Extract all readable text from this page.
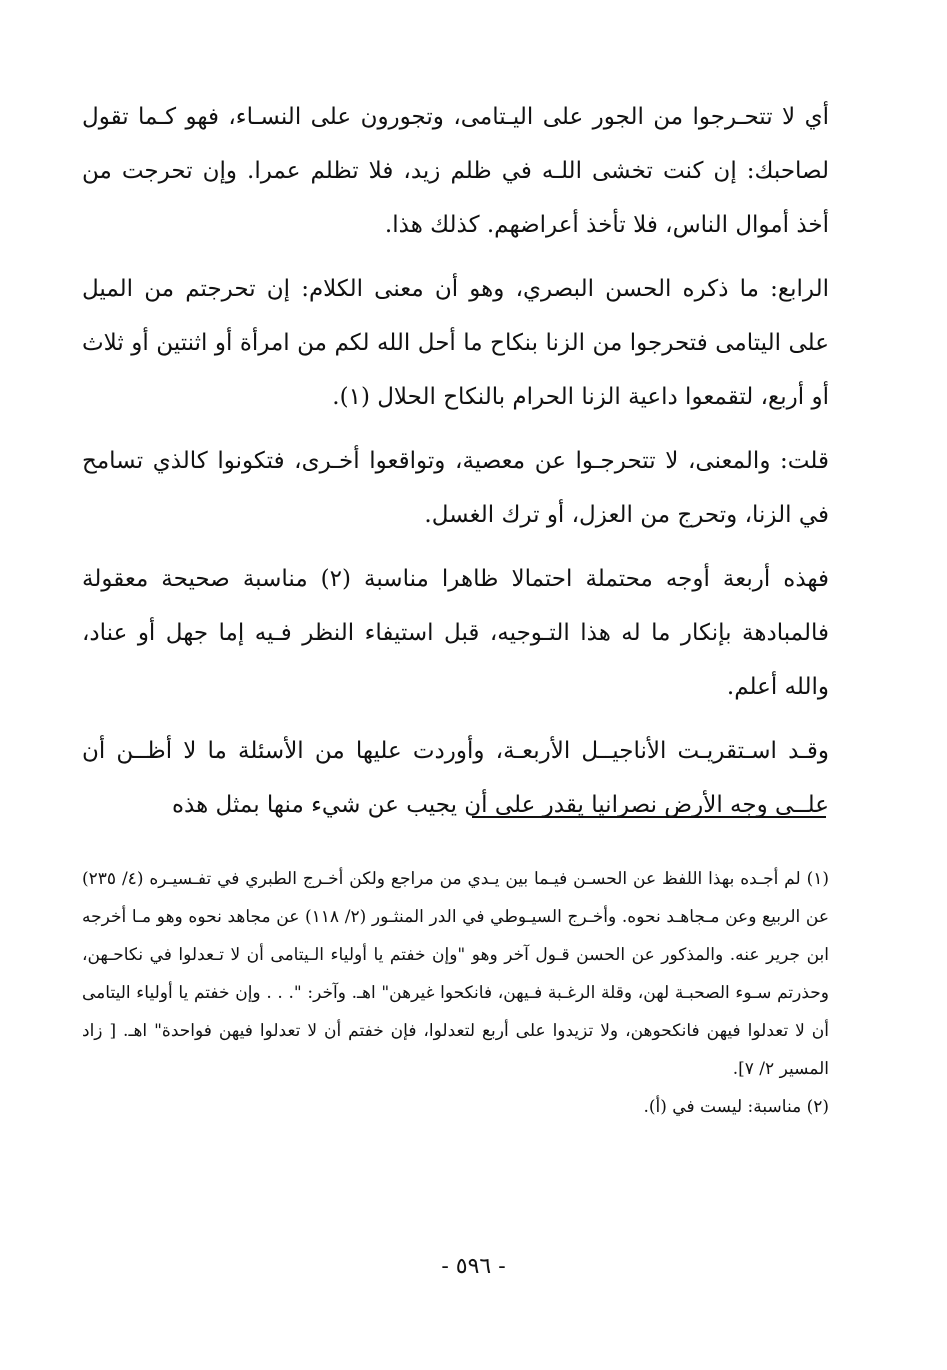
أي لا تتحـرجوا من الجور على اليـتامى، وتجورون على النسـاء، فهو كـما تقول لصاحبك: إن كنت تخشى اللـه في ظلم زيد، فلا تظلم عمرا. وإن تحرجت من أخذ أموال الناس، فلا تأخذ أعراضهم. كذلك هذا.

الرابع: ما ذكره الحسن البصري، وهو أن معنى الكلام: إن تحرجتم من الميل على اليتامى فتحرجوا من الزنا بنكاح ما أحل الله لكم من امرأة أو اثنتين أو ثلاث أو أربع، لتقمعوا داعية الزنا الحرام بالنكاح الحلال (١).

قلت: والمعنى، لا تتحرجـوا عن معصية، وتواقعوا أخـرى، فتكونوا كالذي تسامح في الزنا، وتحرج من العزل، أو ترك الغسل.

فهذه أربعة أوجه محتملة احتمالا ظاهرا مناسبة (٢) مناسبة صحيحة معقولة فالمبادهة بإنكار ما له هذا التـوجيه، قبل استيفاء النظر فـيه إما جهل أو عناد، والله أعلم.

وقـد اسـتقريـت الأناجيــل الأربعـة، وأوردت عليها من الأسئلة ما لا أظــن أن علــى وجه الأرض نصرانيا يقدر على أن يجيب عن شيء منها بمثل هذه

(١) لم أجـده بهذا اللفظ عن الحسـن فيـما بين يـدي من مراجع ولكن أخـرج الطبري في تفـسيـره (٤/ ٢٣٥) عن الربيع وعن مـجاهـد نحوه. وأخـرج السيـوطي في الدر المنثـور (٢/ ١١٨) عن مجاهد نحوه وهو مـا أخرجه ابن جرير عنه. والمذكور عن الحسن قـول آخر وهو "وإن خفتم يا أولياء الـيتامى أن لا تـعدلوا في نكاحـهن، وحذرتم سـوء الصحبـة لهن، وقلة الرغـبة فـيهن، فانكحوا غيرهن" اهـ. وآخر: ". . . وإن خفتم يا أولياء اليتامى أن لا تعدلوا فيهن فانكحوهن، ولا تزيدوا على أربع لتعدلوا، فإن خفتم أن لا تعدلوا فيهن فواحدة" اهـ. [ زاد المسير ٢/ ٧].

(٢) مناسبة: ليست في (أ).

- ٥٩٦ -
